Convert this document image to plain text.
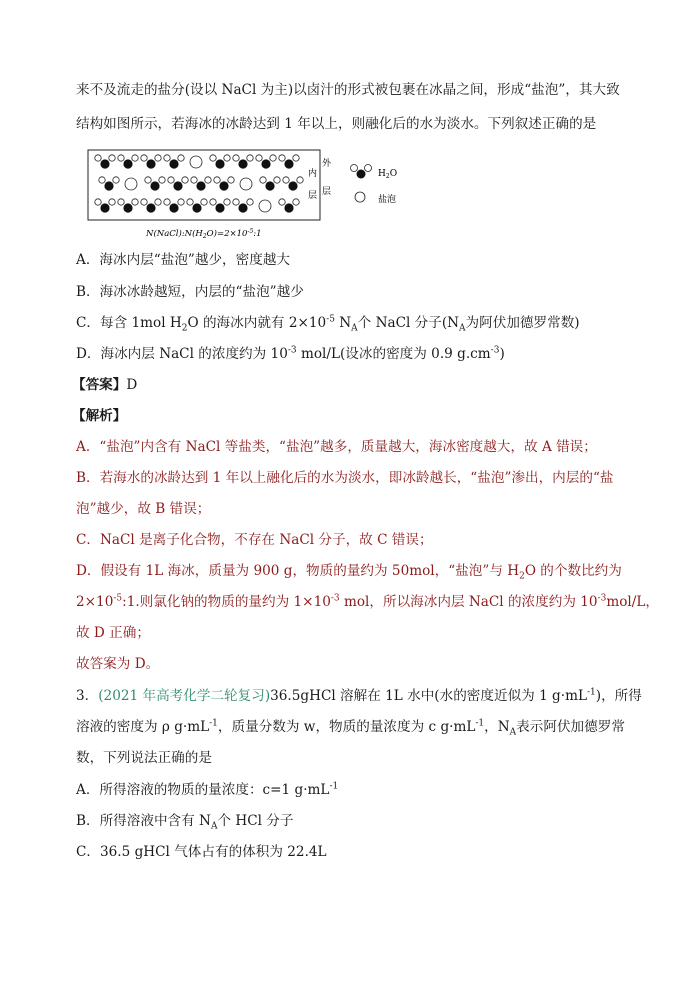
来不及流走的盐分(设以 NaCl 为主)以卤汁的形式被包裹在冰晶之间，形成“盐泡”，其大致
结构如图所示，若海冰的冰龄达到 1 年以上，则融化后的水为淡水。下列叙述正确的是
内
层
外
层
$H_2O$
盐泡
$N(NaCl):N(H_2O)=2\times 10^{-5}:1$
A．海冰内层“盐泡”越少，密度越大
B．海冰冰龄越短，内层的“盐泡”越少
C．每含 1mol $H_2O$ 的海冰内就有 $2\times 10^{-5}$ $N_A$个 NaCl 分子($N_A$为阿伏加德罗常数)
D．海冰内层 NaCl 的浓度约为 $10^{-3}$ mol/L(设冰的密度为 0.9 $g.cm^{-3}$)
【答案】D
【解析】
A．“盐泡”内含有 NaCl 等盐类，“盐泡”越多，质量越大，海冰密度越大，故 A 错误；
B．若海水的冰龄达到 1 年以上融化后的水为淡水，即冰龄越长，“盐泡”渗出，内层的“盐
泡”越少，故 B 错误；
C．NaCl 是离子化合物，不存在 NaCl 分子，故 C 错误；
D．假设有 1L 海冰，质量为 900 g，物质的量约为 50mol，“盐泡”与 $H_2O$ 的个数比约为
$2\times 10^{-5}:1$.则氯化钠的物质的量约为 $1\times 10^{-3}$ mol，所以海冰内层 NaCl 的浓度约为 $10^{-3}mol/L$，
故 D 正确；
故答案为 D。
3．(2021 年高考化学二轮复习)36.5gHCl 溶解在 1L 水中(水的密度近似为 1 $g\cdot mL^{-1}$)，所得
溶液的密度为 ρ $g\cdot mL^{-1}$，质量分数为 w，物质的量浓度为 c $g\cdot mL^{-1}$，$N_A$表示阿伏加德罗常
数，下列说法正确的是
A．所得溶液的物质的量浓度：c=1 $g\cdot mL^{-1}$
B．所得溶液中含有 $N_A$个 HCl 分子
C．36.5 gHCl 气体占有的体积为 22.4L
